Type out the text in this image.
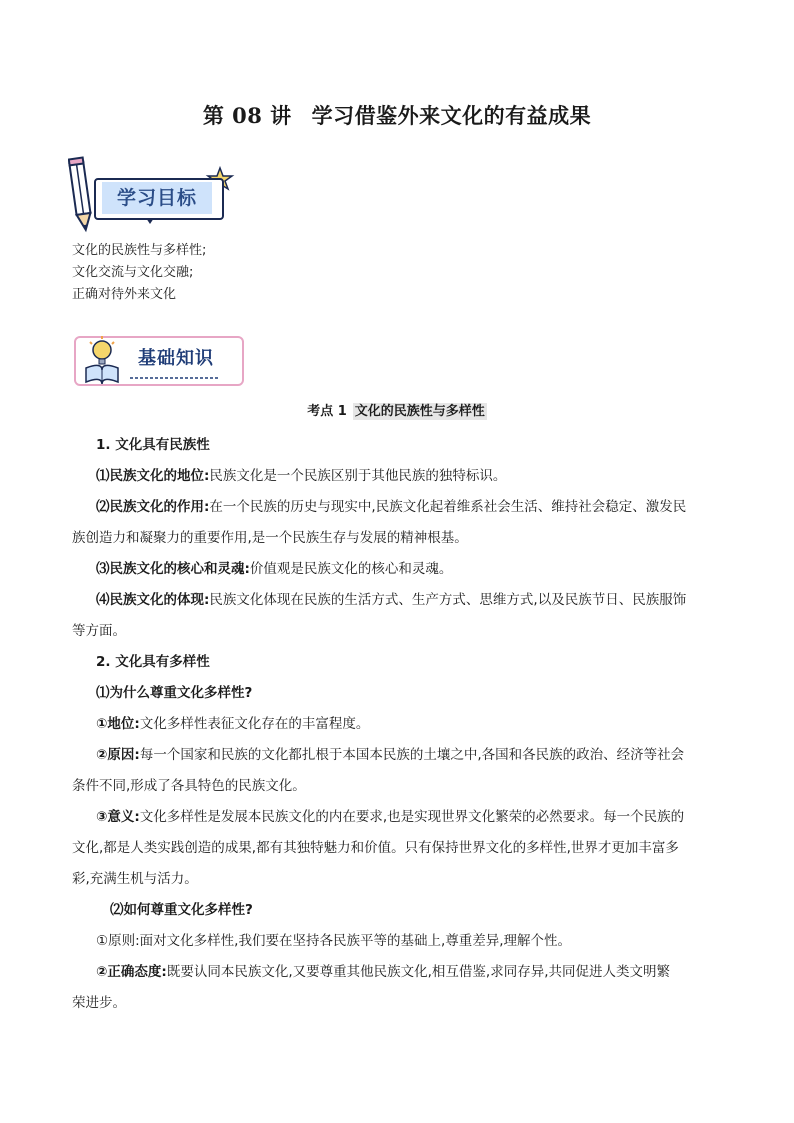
第 08 讲 学习借鉴外来文化的有益成果
学习目标
文化的民族性与多样性;
文化交流与文化交融;
正确对待外来文化
基础知识
考点 1 文化的民族性与多样性

1. 文化具有民族性

⑴民族文化的地位:民族文化是一个民族区别于其他民族的独特标识。

⑵民族文化的作用:在一个民族的历史与现实中,民族文化起着维系社会生活、维持社会稳定、激发民

族创造力和凝聚力的重要作用,是一个民族生存与发展的精神根基。

⑶民族文化的核心和灵魂:价值观是民族文化的核心和灵魂。

⑷民族文化的体现:民族文化体现在民族的生活方式、生产方式、思维方式,以及民族节日、民族服饰

等方面。

2. 文化具有多样性

⑴为什么尊重文化多样性?

①地位:文化多样性表征文化存在的丰富程度。

②原因:每一个国家和民族的文化都扎根于本国本民族的土壤之中,各国和各民族的政治、经济等社会

条件不同,形成了各具特色的民族文化。

③意义:文化多样性是发展本民族文化的内在要求,也是实现世界文化繁荣的必然要求。每一个民族的

文化,都是人类实践创造的成果,都有其独特魅力和价值。只有保持世界文化的多样性,世界才更加丰富多

彩,充满生机与活力。

⑵如何尊重文化多样性?

①原则:面对文化多样性,我们要在坚持各民族平等的基础上,尊重差异,理解个性。

②正确态度:既要认同本民族文化,又要尊重其他民族文化,相互借鉴,求同存异,共同促进人类文明繁

荣进步。
